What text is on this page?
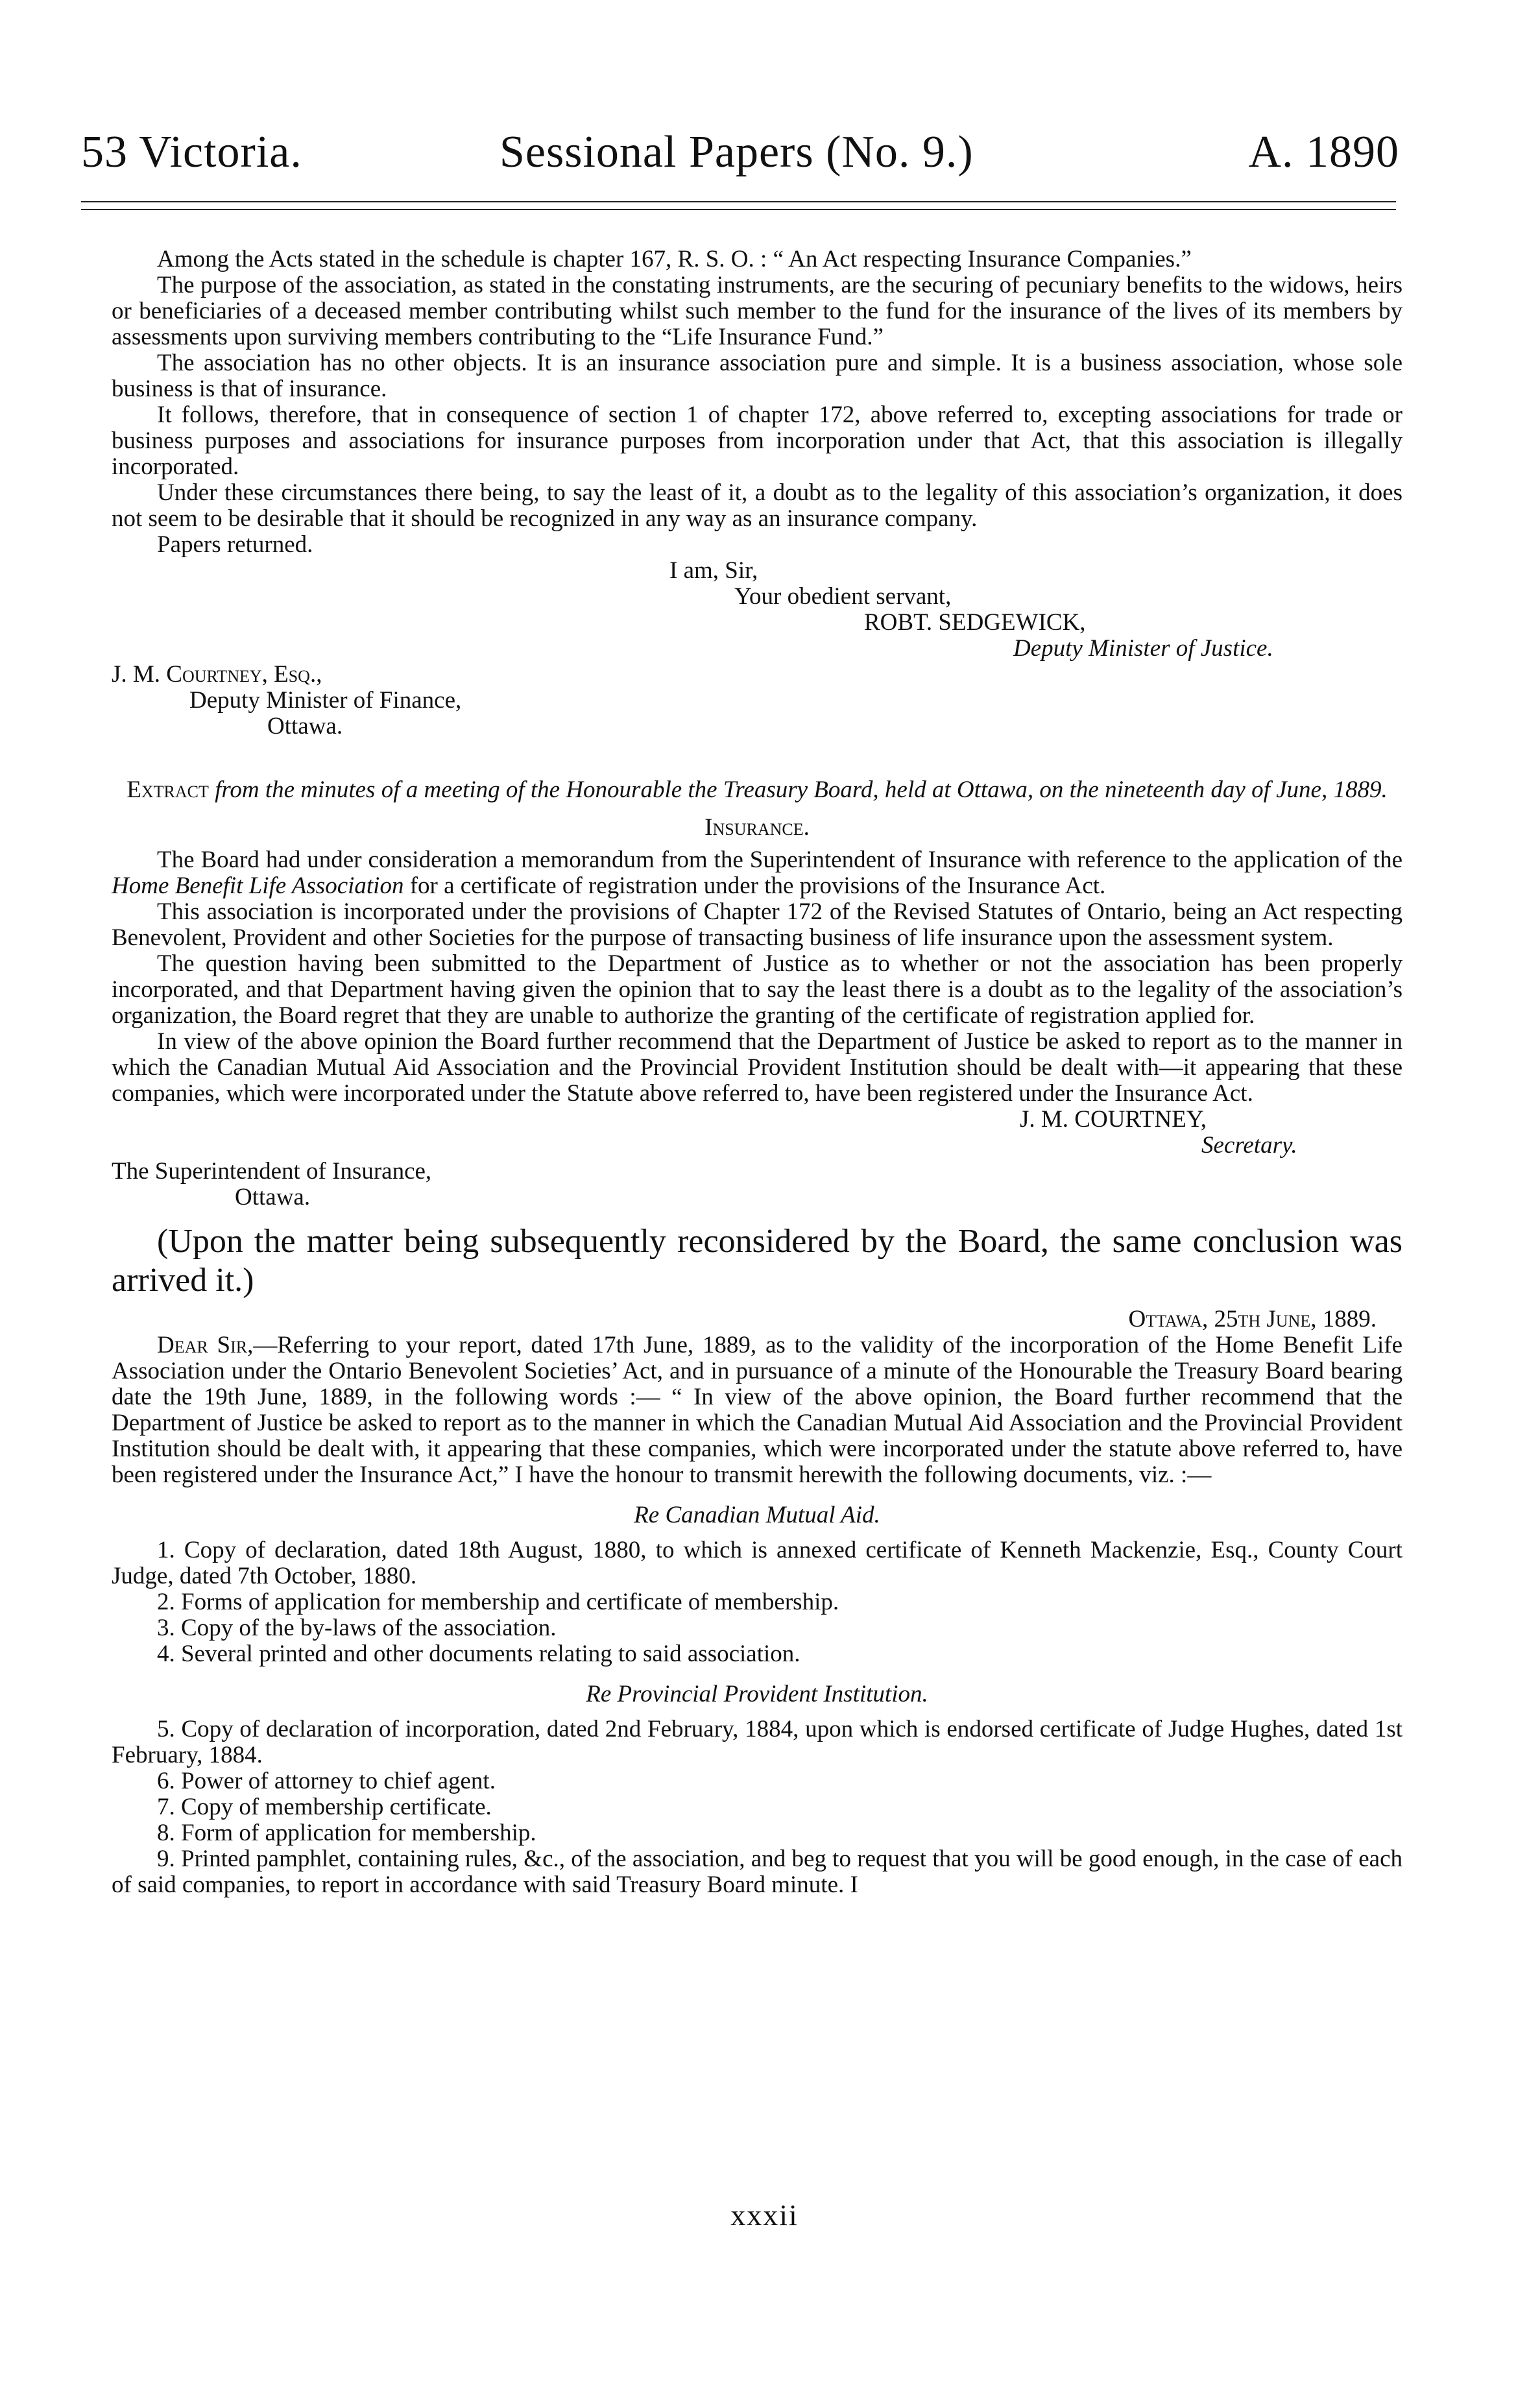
53 Victoria.	Sessional Papers (No. 9.)	A. 1890

Among the Acts stated in the schedule is chapter 167, R. S. O. : “ An Act respecting Insurance Companies.”

The purpose of the association, as stated in the constating instruments, are the securing of pecuniary benefits to the widows, heirs or beneficiaries of a deceased member contributing whilst such member to the fund for the insurance of the lives of its members by assessments upon surviving members contributing to the “Life Insurance Fund.”

The association has no other objects. It is an insurance association pure and simple. It is a business association, whose sole business is that of insurance.

It follows, therefore, that in consequence of section 1 of chapter 172, above referred to, excepting associations for trade or business purposes and associations for insurance purposes from incorporation under that Act, that this association is illegally incorporated.

Under these circumstances there being, to say the least of it, a doubt as to the legality of this association’s organization, it does not seem to be desirable that it should be recognized in any way as an insurance company.

Papers returned.

I am, Sir,

Your obedient servant,

ROBT. SEDGEWICK,

Deputy Minister of Justice.

J. M. Courtney, Esq.,

Deputy Minister of Finance,

Ottawa.

Extract from the minutes of a meeting of the Honourable the Treasury Board, held at Ottawa, on the nineteenth day of June, 1889.

Insurance.

The Board had under consideration a memorandum from the Superintendent of Insurance with reference to the application of the Home Benefit Life Association for a certificate of registration under the provisions of the Insurance Act.

This association is incorporated under the provisions of Chapter 172 of the Revised Statutes of Ontario, being an Act respecting Benevolent, Provident and other Societies for the purpose of transacting business of life insurance upon the assessment system.

The question having been submitted to the Department of Justice as to whether or not the association has been properly incorporated, and that Department having given the opinion that to say the least there is a doubt as to the legality of the association’s organization, the Board regret that they are unable to authorize the granting of the certificate of registration applied for.

In view of the above opinion the Board further recommend that the Department of Justice be asked to report as to the manner in which the Canadian Mutual Aid Association and the Provincial Provident Institution should be dealt with—it appearing that these companies, which were incorporated under the Statute above referred to, have been registered under the Insurance Act.

J. M. COURTNEY,

Secretary.

The Superintendent of Insurance,

Ottawa.

(Upon the matter being subsequently reconsidered by the Board, the same conclusion was arrived it.)

Ottawa, 25th June, 1889.

Dear Sir,—Referring to your report, dated 17th June, 1889, as to the validity of the incorporation of the Home Benefit Life Association under the Ontario Benevolent Societies’ Act, and in pursuance of a minute of the Honourable the Treasury Board bearing date the 19th June, 1889, in the following words :— “ In view of the above opinion, the Board further recommend that the Department of Justice be asked to report as to the manner in which the Canadian Mutual Aid Association and the Provincial Provident Institution should be dealt with, it appearing that these companies, which were incorporated under the statute above referred to, have been registered under the Insurance Act,” I have the honour to transmit herewith the following documents, viz. :—

Re Canadian Mutual Aid.

1. Copy of declaration, dated 18th August, 1880, to which is annexed certificate of Kenneth Mackenzie, Esq., County Court Judge, dated 7th October, 1880.

2. Forms of application for membership and certificate of membership.

3. Copy of the by-laws of the association.

4. Several printed and other documents relating to said association.

Re Provincial Provident Institution.

5. Copy of declaration of incorporation, dated 2nd February, 1884, upon which is endorsed certificate of Judge Hughes, dated 1st February, 1884.

6. Power of attorney to chief agent.

7. Copy of membership certificate.

8. Form of application for membership.

9. Printed pamphlet, containing rules, &c., of the association, and beg to request that you will be good enough, in the case of each of said companies, to report in accordance with said Treasury Board minute. I

xxxii
